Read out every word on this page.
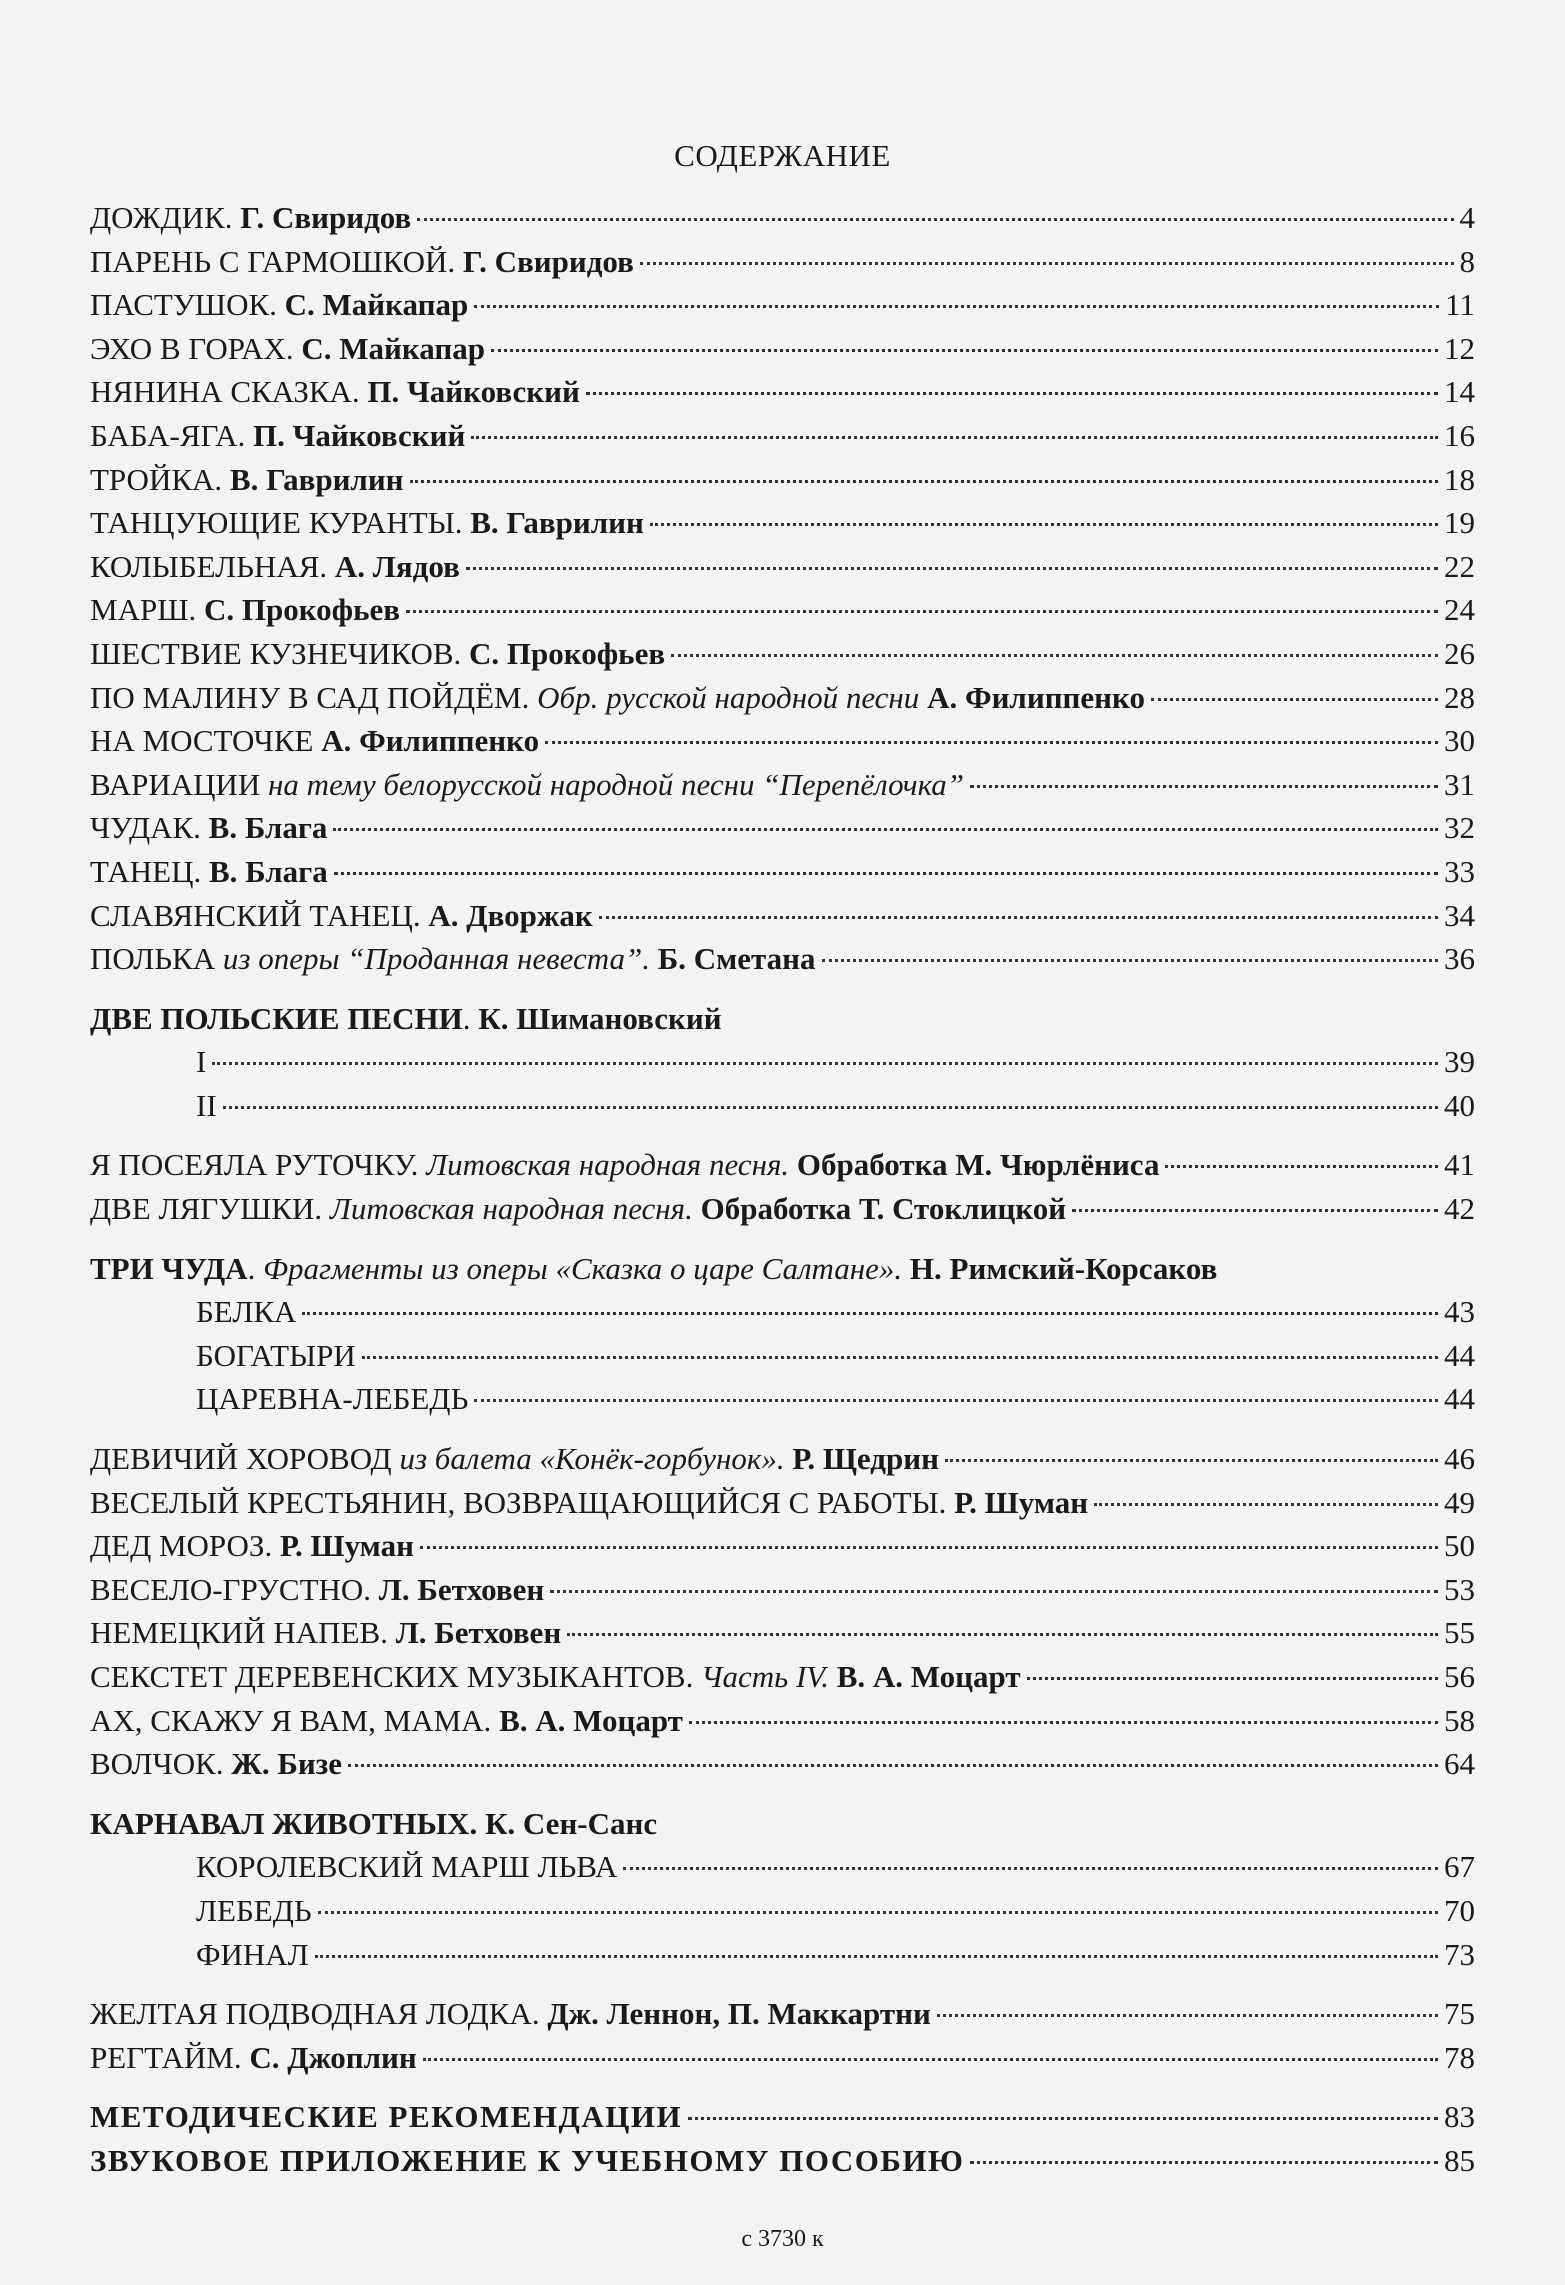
СОДЕРЖАНИЕ
ДОЖДИК. Г. Свиридов	4
ПАРЕНЬ С ГАРМОШКОЙ. Г. Свиридов	8
ПАСТУШОК. С. Майкапар	11
ЭХО В ГОРАХ. С. Майкапар	12
НЯНИНА СКАЗКА. П. Чайковский	14
БАБА-ЯГА. П. Чайковский	16
ТРОЙКА. В. Гаврилин	18
ТАНЦУЮЩИЕ КУРАНТЫ. В. Гаврилин	19
КОЛЫБЕЛЬНАЯ. А. Лядов	22
МАРШ. С. Прокофьев	24
ШЕСТВИЕ КУЗНЕЧИКОВ. С. Прокофьев	26
ПО МАЛИНУ В САД ПОЙДЁМ. Обр. русской народной песни А. Филиппенко	28
НА МОСТОЧКЕ А. Филиппенко	30
ВАРИАЦИИ на тему белорусской народной песни “Перепёлочка”	31
ЧУДАК. В. Блага	32
ТАНЕЦ. В. Блага	33
СЛАВЯНСКИЙ ТАНЕЦ. А. Дворжак	34
ПОЛЬКА из оперы “Проданная невеста”. Б. Сметана	36
ДВЕ ПОЛЬСКИЕ ПЕСНИ. К. Шимановский
I	39
II	40
Я ПОСЕЯЛА РУТОЧКУ. Литовская народная песня. Обработка М. Чюрлёниса	41
ДВЕ ЛЯГУШКИ. Литовская народная песня. Обработка Т. Стоклицкой	42
ТРИ ЧУДА. Фрагменты из оперы «Сказка о царе Салтане». Н. Римский-Корсаков
БЕЛКА	43
БОГАТЫРИ	44
ЦАРЕВНА-ЛЕБЕДЬ	44
ДЕВИЧИЙ ХОРОВОД из балета «Конёк-горбунок». Р. Щедрин	46
ВЕСЕЛЫЙ КРЕСТЬЯНИН, ВОЗВРАЩАЮЩИЙСЯ С РАБОТЫ. Р. Шуман	49
ДЕД МОРОЗ. Р. Шуман	50
ВЕСЕЛО-ГРУСТНО. Л. Бетховен	53
НЕМЕЦКИЙ НАПЕВ. Л. Бетховен	55
СЕКСТЕТ ДЕРЕВЕНСКИХ МУЗЫКАНТОВ. Часть IV. В. А. Моцарт	56
АХ, СКАЖУ Я ВАМ, МАМА. В. А. Моцарт	58
ВОЛЧОК. Ж. Бизе	64
КАРНАВАЛ ЖИВОТНЫХ. К. Сен-Санс
КОРОЛЕВСКИЙ МАРШ ЛЬВА	67
ЛЕБЕДЬ	70
ФИНАЛ	73
ЖЕЛТАЯ ПОДВОДНАЯ ЛОДКА. Дж. Леннон, П. Маккартни	75
РЕГТАЙМ. С. Джоплин	78
МЕТОДИЧЕСКИЕ РЕКОМЕНДАЦИИ	83
ЗВУКОВОЕ ПРИЛОЖЕНИЕ К УЧЕБНОМУ ПОСОБИЮ	85
с 3730 к
